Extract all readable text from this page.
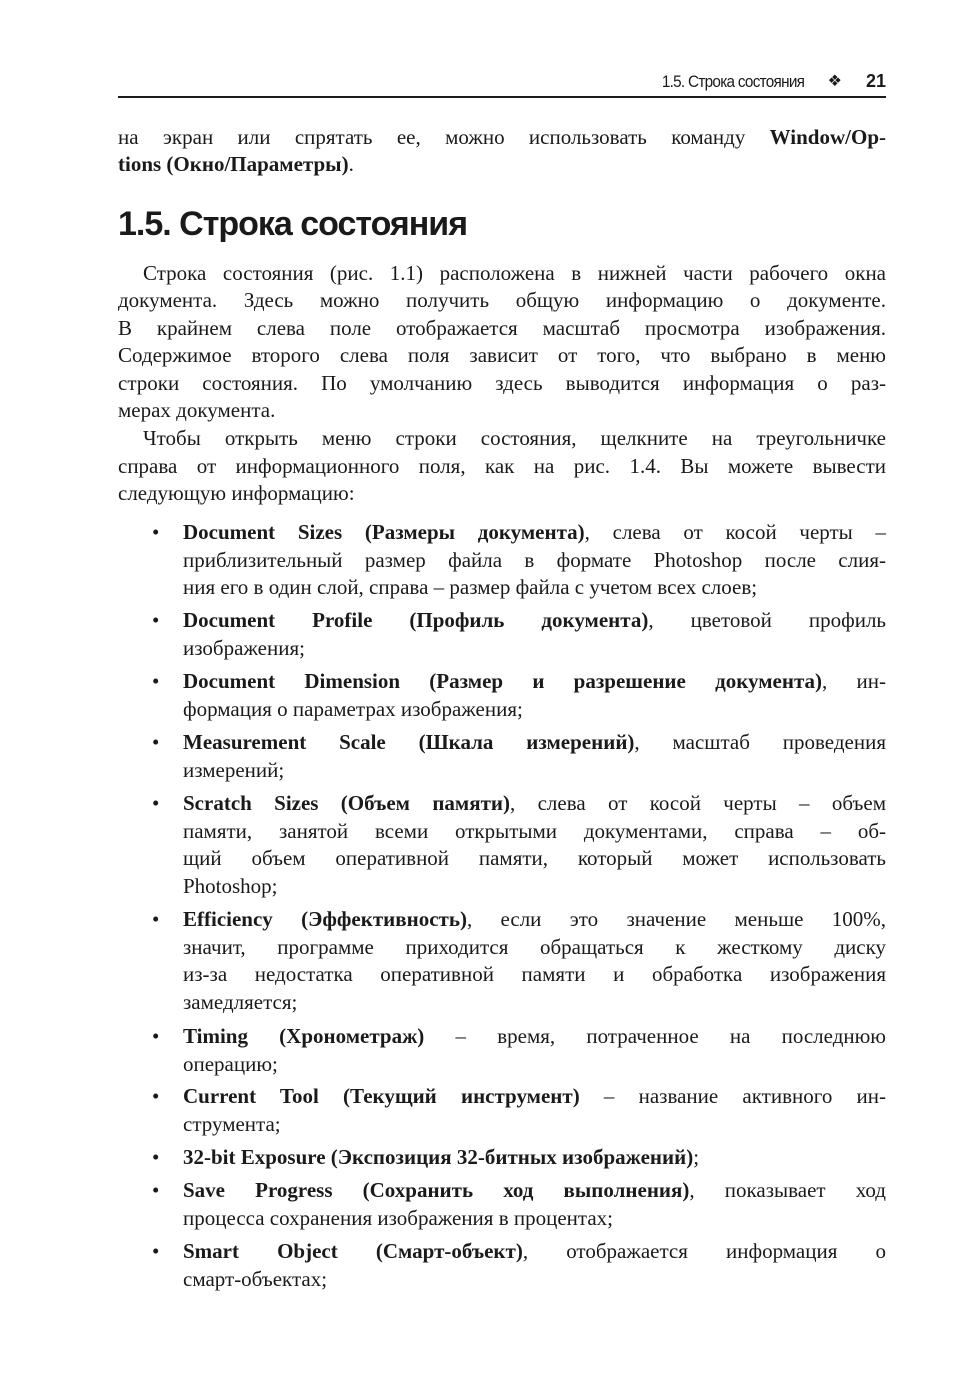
1.5. Строка состояния ❖ 21
на экран или спрятать ее, можно использовать команду Window/Op-
tions (Окно/Параметры).
1.5. Строка состояния
Строка состояния (рис. 1.1) расположена в нижней части рабочего окна
документа. Здесь можно получить общую информацию о документе.
В крайнем слева поле отображается масштаб просмотра изображения.
Содержимое второго слева поля зависит от того, что выбрано в меню
строки состояния. По умолчанию здесь выводится информация о раз-
мерах документа.
Чтобы открыть меню строки состояния, щелкните на треугольничке
справа от информационного поля, как на рис. 1.4. Вы можете вывести
следующую информацию:
• Document Sizes (Размеры документа), слева от косой черты –
приблизительный размер файла в формате Photoshop после слия-
ния его в один слой, справа – размер файла с учетом всех слоев;
• Document Profile (Профиль документа), цветовой профиль
изображения;
• Document Dimension (Размер и разрешение документа), ин-
формация о параметрах изображения;
• Measurement Scale (Шкала измерений), масштаб проведения
измерений;
• Scratch Sizes (Объем памяти), слева от косой черты – объем
памяти, занятой всеми открытыми документами, справа – об-
щий объем оперативной памяти, который может использовать
Photoshop;
• Efficiency (Эффективность), если это значение меньше 100%,
значит, программе приходится обращаться к жесткому диску
из-за недостатка оперативной памяти и обработка изображения
замедляется;
• Timing (Хронометраж) – время, потраченное на последнюю
операцию;
• Current Tool (Текущий инструмент) – название активного ин-
струмента;
• 32-bit Exposure (Экспозиция 32-битных изображений);
• Save Progress (Сохранить ход выполнения), показывает ход
процесса сохранения изображения в процентах;
• Smart Object (Смарт-объект), отображается информация о
смарт-объектах;
